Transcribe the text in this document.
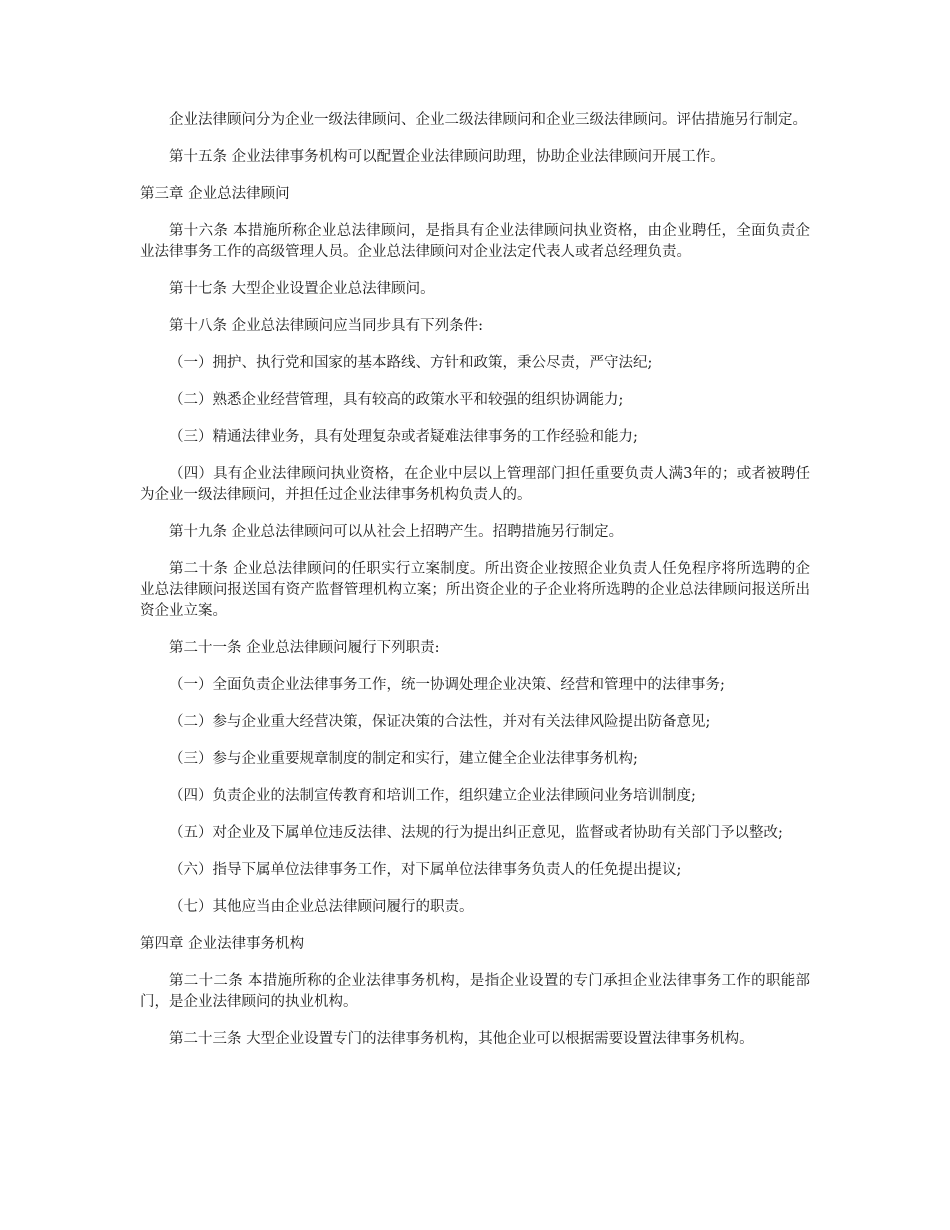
企业法律顾问分为企业一级法律顾问、企业二级法律顾问和企业三级法律顾问。评估措施另行制定。

第十五条 企业法律事务机构可以配置企业法律顾问助理，协助企业法律顾问开展工作。

第三章 企业总法律顾问

第十六条 本措施所称企业总法律顾问，是指具有企业法律顾问执业资格，由企业聘任，全面负责企业法律事务工作的高级管理人员。企业总法律顾问对企业法定代表人或者总经理负责。

第十七条 大型企业设置企业总法律顾问。

第十八条 企业总法律顾问应当同步具有下列条件:

（一）拥护、执行党和国家的基本路线、方针和政策，秉公尽责，严守法纪;

（二）熟悉企业经营管理，具有较高的政策水平和较强的组织协调能力;

（三）精通法律业务，具有处理复杂或者疑难法律事务的工作经验和能力;

（四）具有企业法律顾问执业资格，在企业中层以上管理部门担任重要负责人满3年的；或者被聘任为企业一级法律顾问，并担任过企业法律事务机构负责人的。

第十九条 企业总法律顾问可以从社会上招聘产生。招聘措施另行制定。

第二十条 企业总法律顾问的任职实行立案制度。所出资企业按照企业负责人任免程序将所选聘的企业总法律顾问报送国有资产监督管理机构立案；所出资企业的子企业将所选聘的企业总法律顾问报送所出资企业立案。

第二十一条 企业总法律顾问履行下列职责:

（一）全面负责企业法律事务工作，统一协调处理企业决策、经营和管理中的法律事务;

（二）参与企业重大经营决策，保证决策的合法性，并对有关法律风险提出防备意见;

（三）参与企业重要规章制度的制定和实行，建立健全企业法律事务机构;

（四）负责企业的法制宣传教育和培训工作，组织建立企业法律顾问业务培训制度;

（五）对企业及下属单位违反法律、法规的行为提出纠正意见，监督或者协助有关部门予以整改;

（六）指导下属单位法律事务工作，对下属单位法律事务负责人的任免提出提议;

（七）其他应当由企业总法律顾问履行的职责。

第四章 企业法律事务机构

第二十二条 本措施所称的企业法律事务机构，是指企业设置的专门承担企业法律事务工作的职能部门，是企业法律顾问的执业机构。

第二十三条 大型企业设置专门的法律事务机构，其他企业可以根据需要设置法律事务机构。
